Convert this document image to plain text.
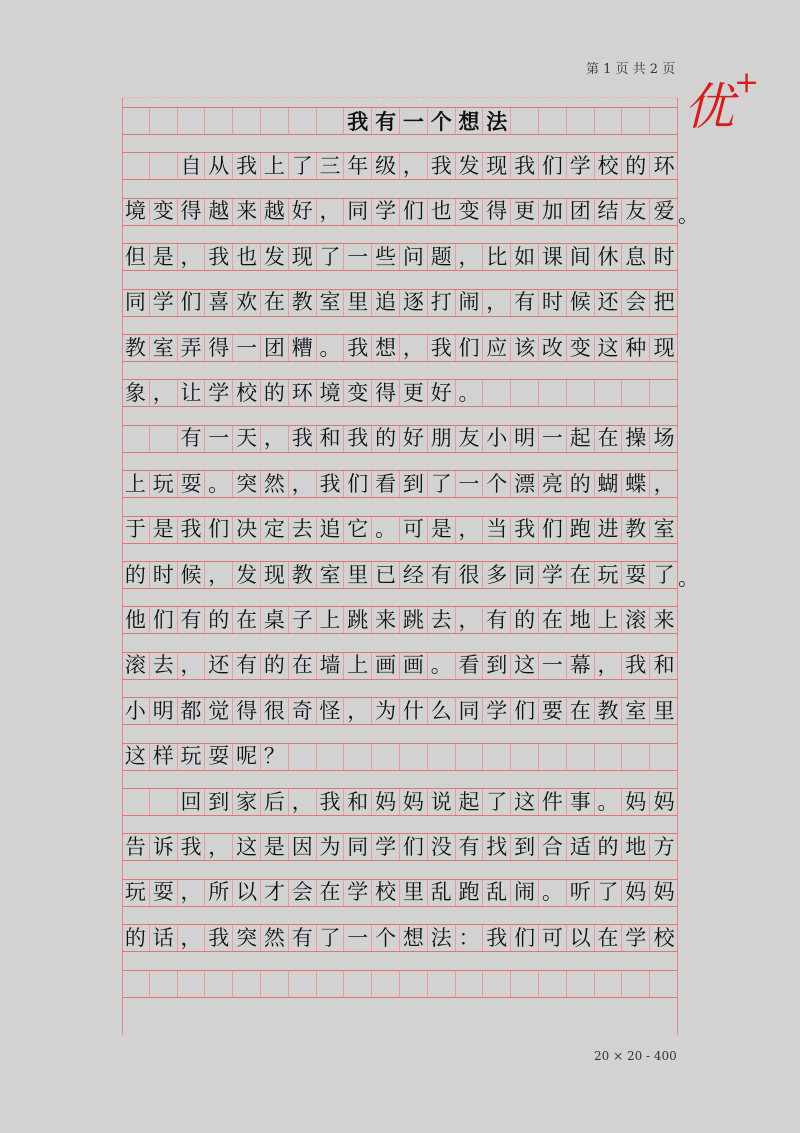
第 1 页 共 2 页
优 +
我 有 一 个 想 法
自 从 我 上 了 三 年 级 ， 我 发 现 我 们 学 校 的 环
境 变 得 越 来 越 好 ， 同 学 们 也 变 得 更 加 团 结 友 爱
但 是 ， 我 也 发 现 了 一 些 问 题 ， 比 如 课 间 休 息 时
同 学 们 喜 欢 在 教 室 里 追 逐 打 闹 ， 有 时 候 还 会 把
教 室 弄 得 一 团 糟 。 我 想 ， 我 们 应 该 改 变 这 种 现
象 ， 让 学 校 的 环 境 变 得 更 好 。
有 一 天 ， 我 和 我 的 好 朋 友 小 明 一 起 在 操 场
上 玩 耍 。 突 然 ， 我 们 看 到 了 一 个 漂 亮 的 蝴 蝶 ，
于 是 我 们 决 定 去 追 它 。 可 是 ， 当 我 们 跑 进 教 室
的 时 候 ， 发 现 教 室 里 已 经 有 很 多 同 学 在 玩 耍 了
他 们 有 的 在 桌 子 上 跳 来 跳 去 ， 有 的 在 地 上 滚 来
滚 去 ， 还 有 的 在 墙 上 画 画 。 看 到 这 一 幕 ， 我 和
小 明 都 觉 得 很 奇 怪 ， 为 什 么 同 学 们 要 在 教 室 里
这 样 玩 耍 呢 ？
回 到 家 后 ， 我 和 妈 妈 说 起 了 这 件 事 。 妈 妈
告 诉 我 ， 这 是 因 为 同 学 们 没 有 找 到 合 适 的 地 方
玩 耍 ， 所 以 才 会 在 学 校 里 乱 跑 乱 闹 。 听 了 妈 妈
的 话 ， 我 突 然 有 了 一 个 想 法 ： 我 们 可 以 在 学 校
。
。
20 × 20 - 400
